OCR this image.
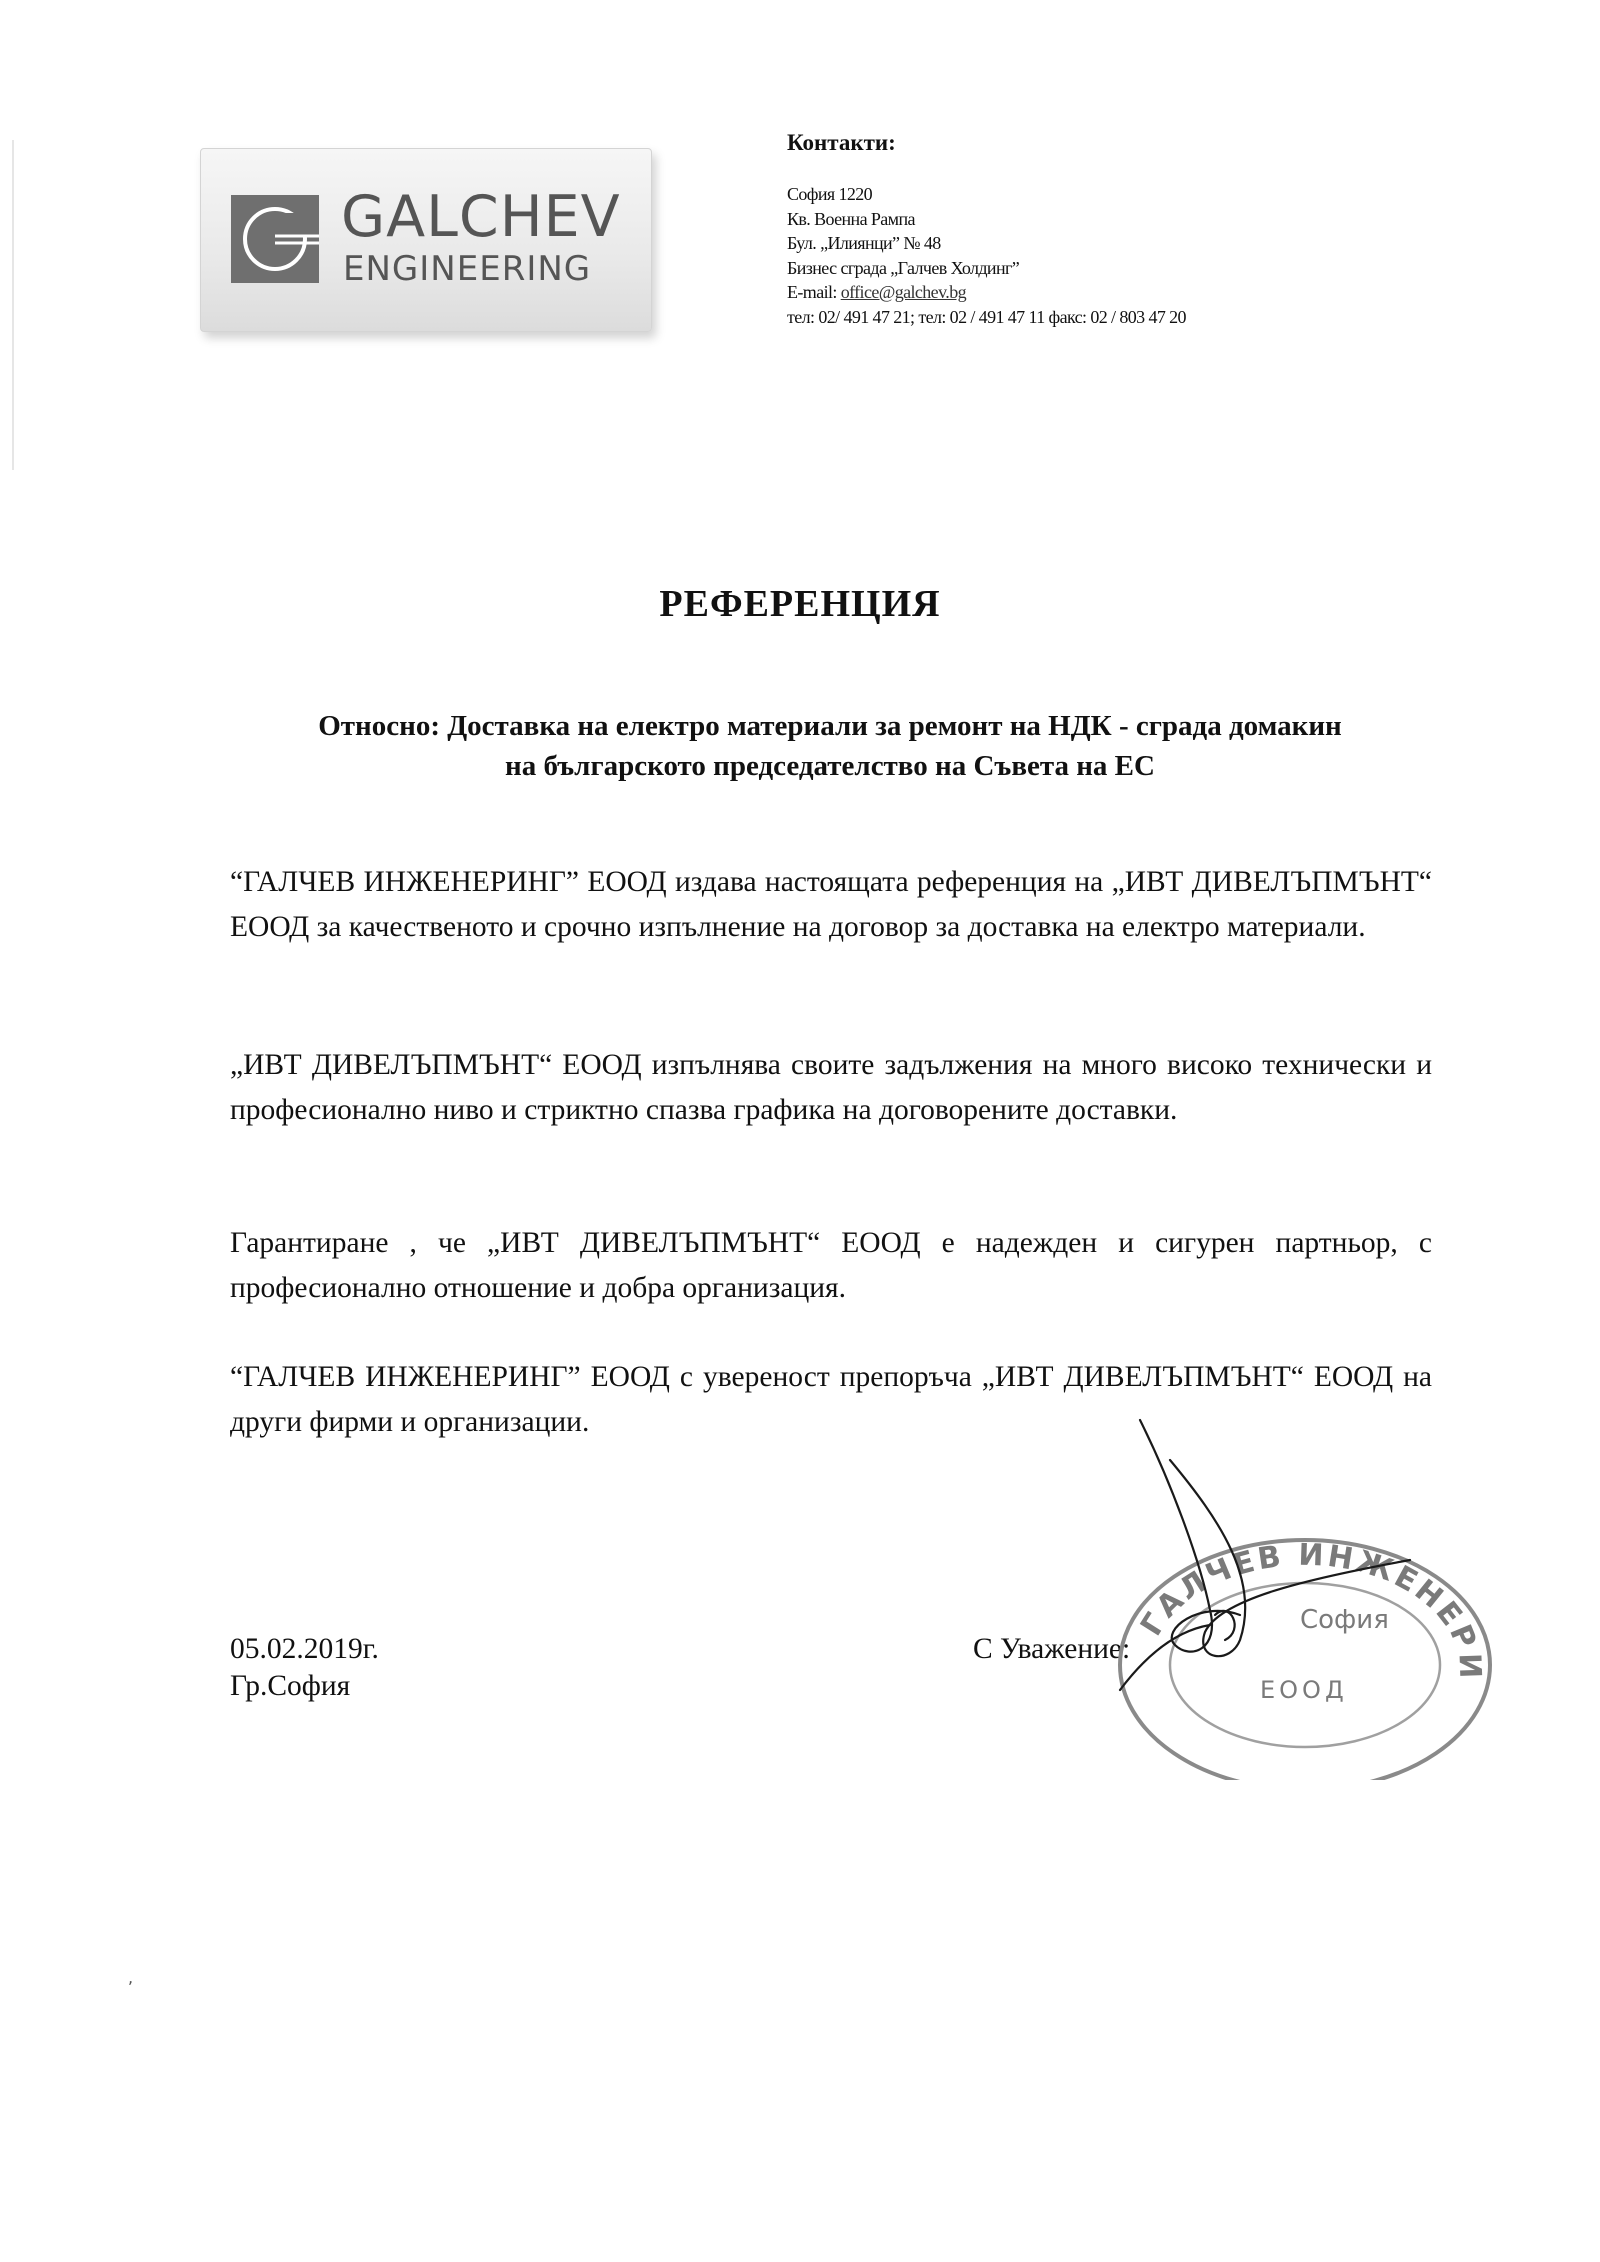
GALCHEV
ENGINEERING
Контакти:
София 1220
Кв. Военна Рампа
Бул. „Илиянци” № 48
Бизнес сграда „Галчев Холдинг”
E-mail: office@galchev.bg
тел: 02/ 491 47 21; тел: 02 / 491 47 11 факс: 02 / 803 47 20
РЕФЕРЕНЦИЯ
Относно: Доставка на електро материали за ремонт на НДК - сграда домакин
на българското председателство на Съвета на ЕС
“ГАЛЧЕВ ИНЖЕНЕРИНГ” ЕООД издава настоящата референция на „ИВТ ДИВЕЛЪПМЪНТ“ ЕООД за качественото и срочно изпълнение на договор за доставка на електро материали.
„ИВТ ДИВЕЛЪПМЪНТ“ ЕООД изпълнява своите задължения на много високо технически и професионално ниво и стриктно спазва графика на договорените доставки.
Гарантиране , че „ИВТ ДИВЕЛЪПМЪНТ“ ЕООД е надежден и сигурен партньор, с професионално отношение и добра организация.
“ГАЛЧЕВ ИНЖЕНЕРИНГ” ЕООД с увереност препоръча „ИВТ ДИВЕЛЪПМЪНТ“ ЕООД на други фирми и организации.
05.02.2019г.
Гр.София
С Уважение:
ГАЛЧЕВ ИНЖЕНЕРИ
София
ЕООД
,
